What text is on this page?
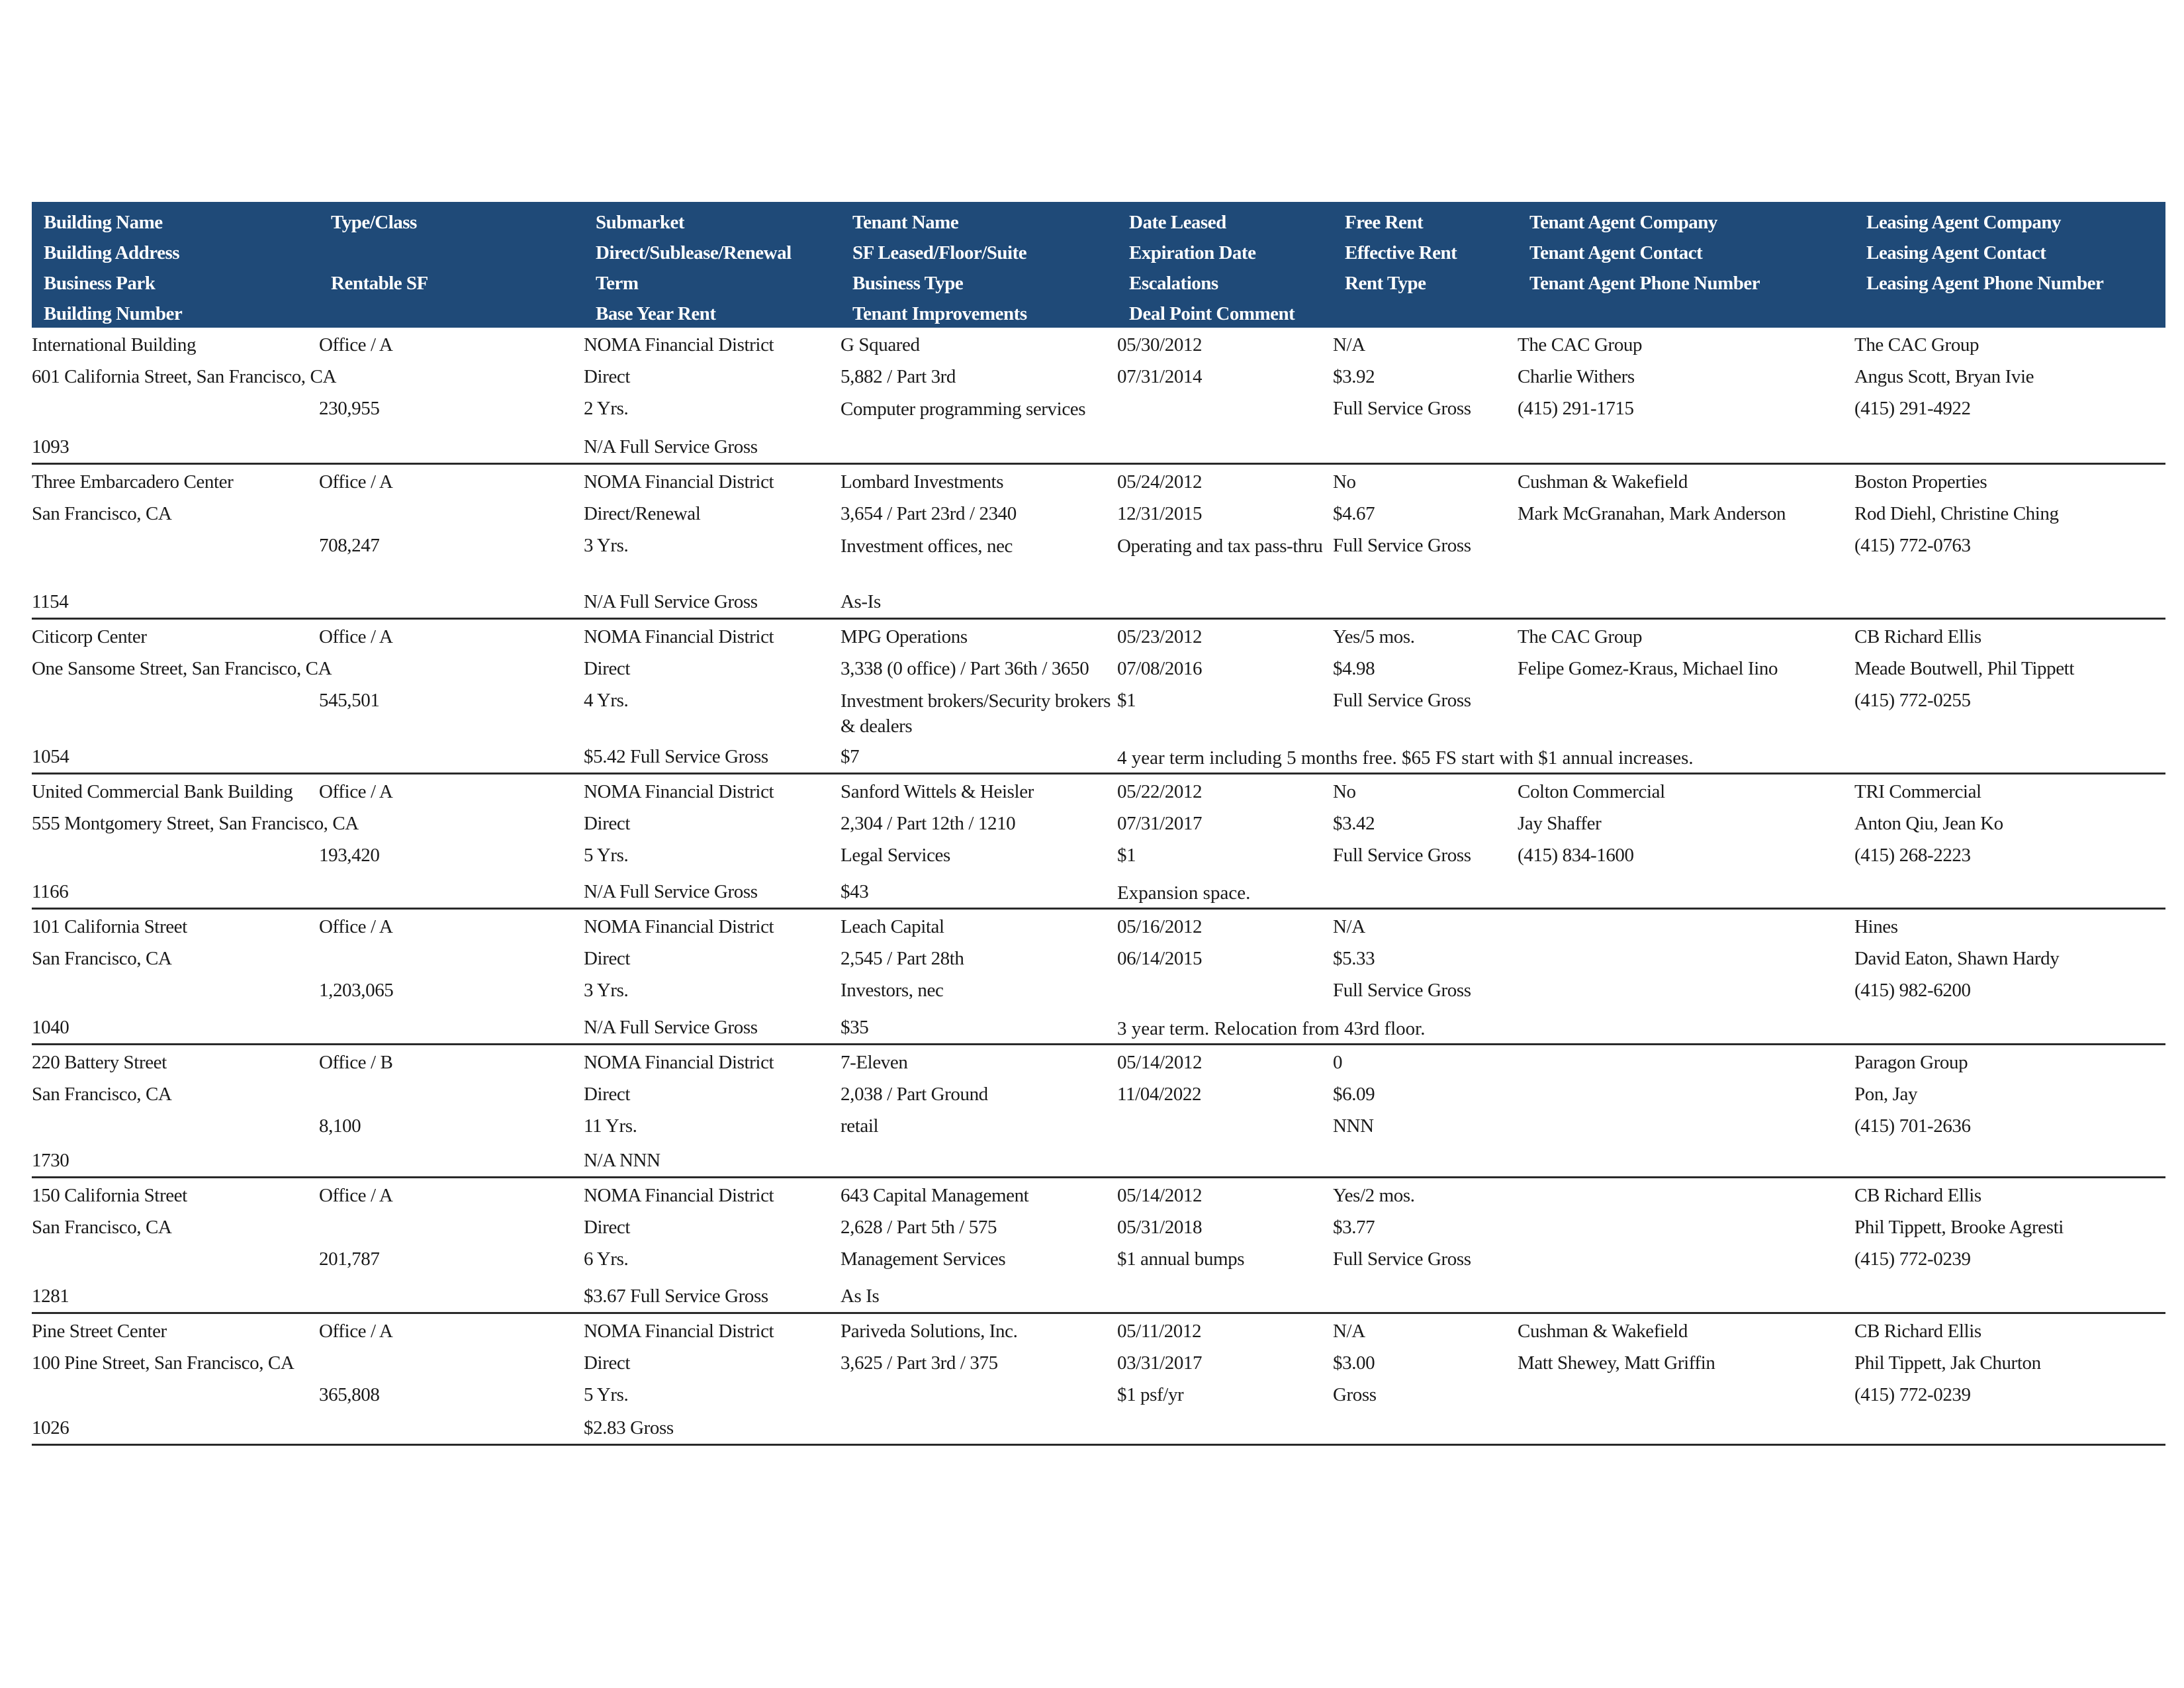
Building Name
Building Address
Business Park
Building Number
Type/Class
Rentable SF
Submarket
Direct/Sublease/Renewal
Term
Base Year Rent
Tenant Name
SF Leased/Floor/Suite
Business Type
Tenant Improvements
Date Leased
Expiration Date
Escalations
Deal Point Comment
Free Rent
Effective Rent
Rent Type
Tenant Agent Company
Tenant Agent Contact
Tenant Agent Phone Number
Leasing Agent Company
Leasing Agent Contact
Leasing Agent Phone Number
International Building
601 California Street, San Francisco, CA
1093
Office / A
230,955
NOMA Financial District
Direct
2 Yrs.
N/A Full Service Gross
G Squared
5,882 / Part 3rd
Computer programming services
05/30/2012
07/31/2014
N/A
$3.92
Full Service Gross
The CAC Group
Charlie Withers
(415) 291-1715
The CAC Group
Angus Scott, Bryan Ivie
(415) 291-4922
Three Embarcadero Center
San Francisco, CA
1154
Office / A
708,247
NOMA Financial District
Direct/Renewal
3 Yrs.
N/A Full Service Gross
Lombard Investments
3,654 / Part 23rd / 2340
Investment offices, nec
As-Is
05/24/2012
12/31/2015
Operating and tax pass-thru
No
$4.67
Full Service Gross
Cushman & Wakefield
Mark McGranahan, Mark Anderson
Boston Properties
Rod Diehl, Christine Ching
(415) 772-0763
Citicorp Center
One Sansome Street, San Francisco, CA
1054
Office / A
545,501
NOMA Financial District
Direct
4 Yrs.
$5.42 Full Service Gross
MPG Operations
3,338 (0 office) / Part 36th / 3650
Investment brokers/Security brokers & dealers
$7
05/23/2012
07/08/2016
$1
Yes/5 mos.
$4.98
Full Service Gross
The CAC Group
Felipe Gomez-Kraus, Michael Iino
CB Richard Ellis
Meade Boutwell, Phil Tippett
(415) 772-0255
4 year term including 5 months free. $65 FS start with $1 annual increases.
United Commercial Bank Building
555 Montgomery Street, San Francisco, CA
1166
Office / A
193,420
NOMA Financial District
Direct
5 Yrs.
N/A Full Service Gross
Sanford Wittels & Heisler
2,304 / Part 12th / 1210
Legal Services
$43
05/22/2012
07/31/2017
$1
No
$3.42
Full Service Gross
Colton Commercial
Jay Shaffer
(415) 834-1600
TRI Commercial
Anton Qiu, Jean Ko
(415) 268-2223
Expansion space.
101 California Street
San Francisco, CA
1040
Office / A
1,203,065
NOMA Financial District
Direct
3 Yrs.
N/A Full Service Gross
Leach Capital
2,545 / Part 28th
Investors, nec
$35
05/16/2012
06/14/2015
N/A
$5.33
Full Service Gross
Hines
David Eaton, Shawn Hardy
(415) 982-6200
3 year term. Relocation from 43rd floor.
220 Battery Street
San Francisco, CA
1730
Office / B
8,100
NOMA Financial District
Direct
11 Yrs.
N/A NNN
7-Eleven
2,038 / Part Ground
retail
05/14/2012
11/04/2022
0
$6.09
NNN
Paragon Group
Pon, Jay
(415) 701-2636
150 California Street
San Francisco, CA
1281
Office / A
201,787
NOMA Financial District
Direct
6 Yrs.
$3.67 Full Service Gross
643 Capital Management
2,628 / Part 5th / 575
Management Services
As Is
05/14/2012
05/31/2018
$1 annual bumps
Yes/2 mos.
$3.77
Full Service Gross
CB Richard Ellis
Phil Tippett, Brooke Agresti
(415) 772-0239
Pine Street Center
100 Pine Street, San Francisco, CA
1026
Office / A
365,808
NOMA Financial District
Direct
5 Yrs.
$2.83 Gross
Pariveda Solutions, Inc.
3,625 / Part 3rd / 375
05/11/2012
03/31/2017
$1 psf/yr
N/A
$3.00
Gross
Cushman & Wakefield
Matt Shewey, Matt Griffin
CB Richard Ellis
Phil Tippett, Jak Churton
(415) 772-0239
